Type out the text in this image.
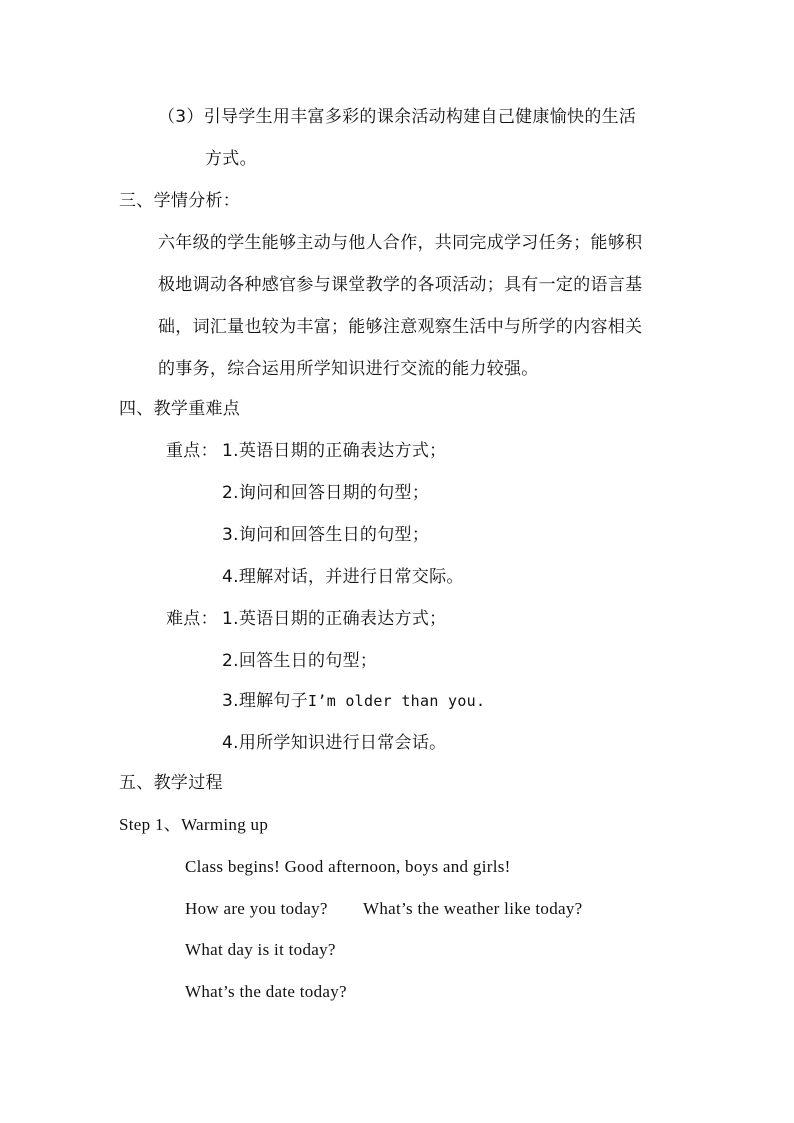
（3）引导学生用丰富多彩的课余活动构建自己健康愉快的生活
方式。
三、学情分析：
六年级的学生能够主动与他人合作，共同完成学习任务；能够积
极地调动各种感官参与课堂教学的各项活动；具有一定的语言基
础，词汇量也较为丰富；能够注意观察生活中与所学的内容相关
的事务，综合运用所学知识进行交流的能力较强。
四、教学重难点
重点： 1.英语日期的正确表达方式；
2.询问和回答日期的句型；
3.询问和回答生日的句型；
4.理解对话，并进行日常交际。
难点： 1.英语日期的正确表达方式；
2.回答生日的句型；
3.理解句子I’m older than you.
4.用所学知识进行日常会话。
五、教学过程
Step 1、Warming up
Class begins! Good afternoon, boys and girls!
How are you today? What’s the weather like today?
What day is it today?
What’s the date today?
